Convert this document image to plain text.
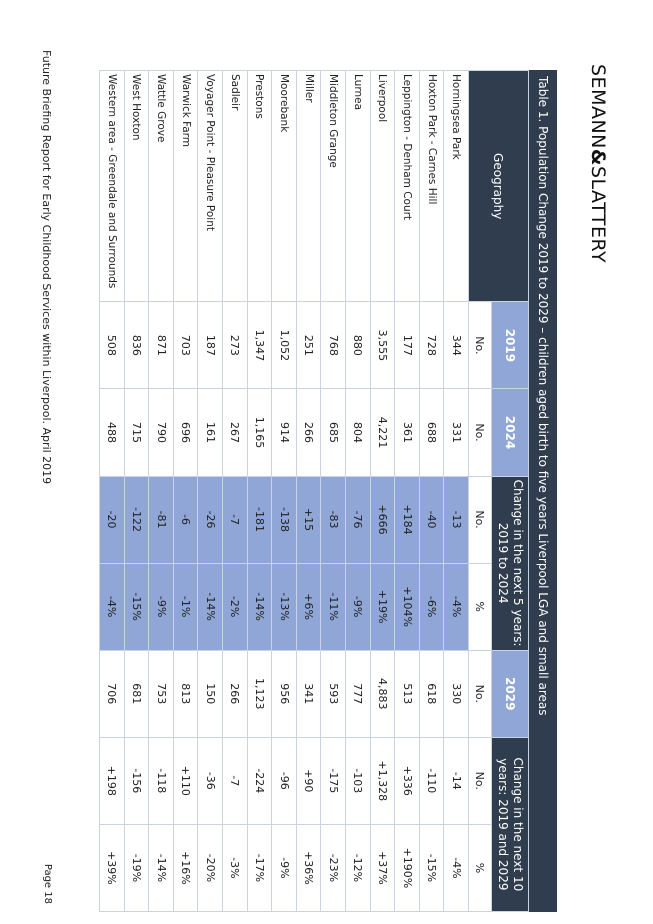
SEMANN&SLATTERY
Table 1. Population Change 2019 to 2029 – children aged birth to five years Liverpool LGA and small areas
Geography	2019	2024	Change in the next 5 years: 2019 to 2024		2029	Change in the next 10 years: 2019 and 2029	
	No.	No.	No.	%	No.	No.	%
Horningsea Park	344	331	-13	-4%	330	-14	-4%
Hoxton Park - Carnes Hill	728	688	-40	-6%	618	-110	-15%
Leppington - Denham Court	177	361	+184	+104%	513	+336	+190%
Liverpool	3,555	4,221	+666	+19%	4,883	+1,328	+37%
Lurnea	880	804	-76	-9%	777	-103	-12%
Middleton Grange	768	685	-83	-11%	593	-175	-23%
Miller	251	266	+15	+6%	341	+90	+36%
Moorebank	1,052	914	-138	-13%	956	-96	-9%
Prestons	1,347	1,165	-181	-14%	1,123	-224	-17%
Sadleir	273	267	-7	-2%	266	-7	-3%
Voyager Point - Pleasure Point	187	161	-26	-14%	150	-36	-20%
Warwick Farm	703	696	-6	-1%	813	+110	+16%
Wattle Grove	871	790	-81	-9%	753	-118	-14%
West Hoxton	836	715	-122	-15%	681	-156	-19%
Western area - Greendale and Surrounds	508	488	-20	-4%	706	+198	+39%
Future Briefing Report for Early Childhood Services within Liverpool. April 2019
Page 18
